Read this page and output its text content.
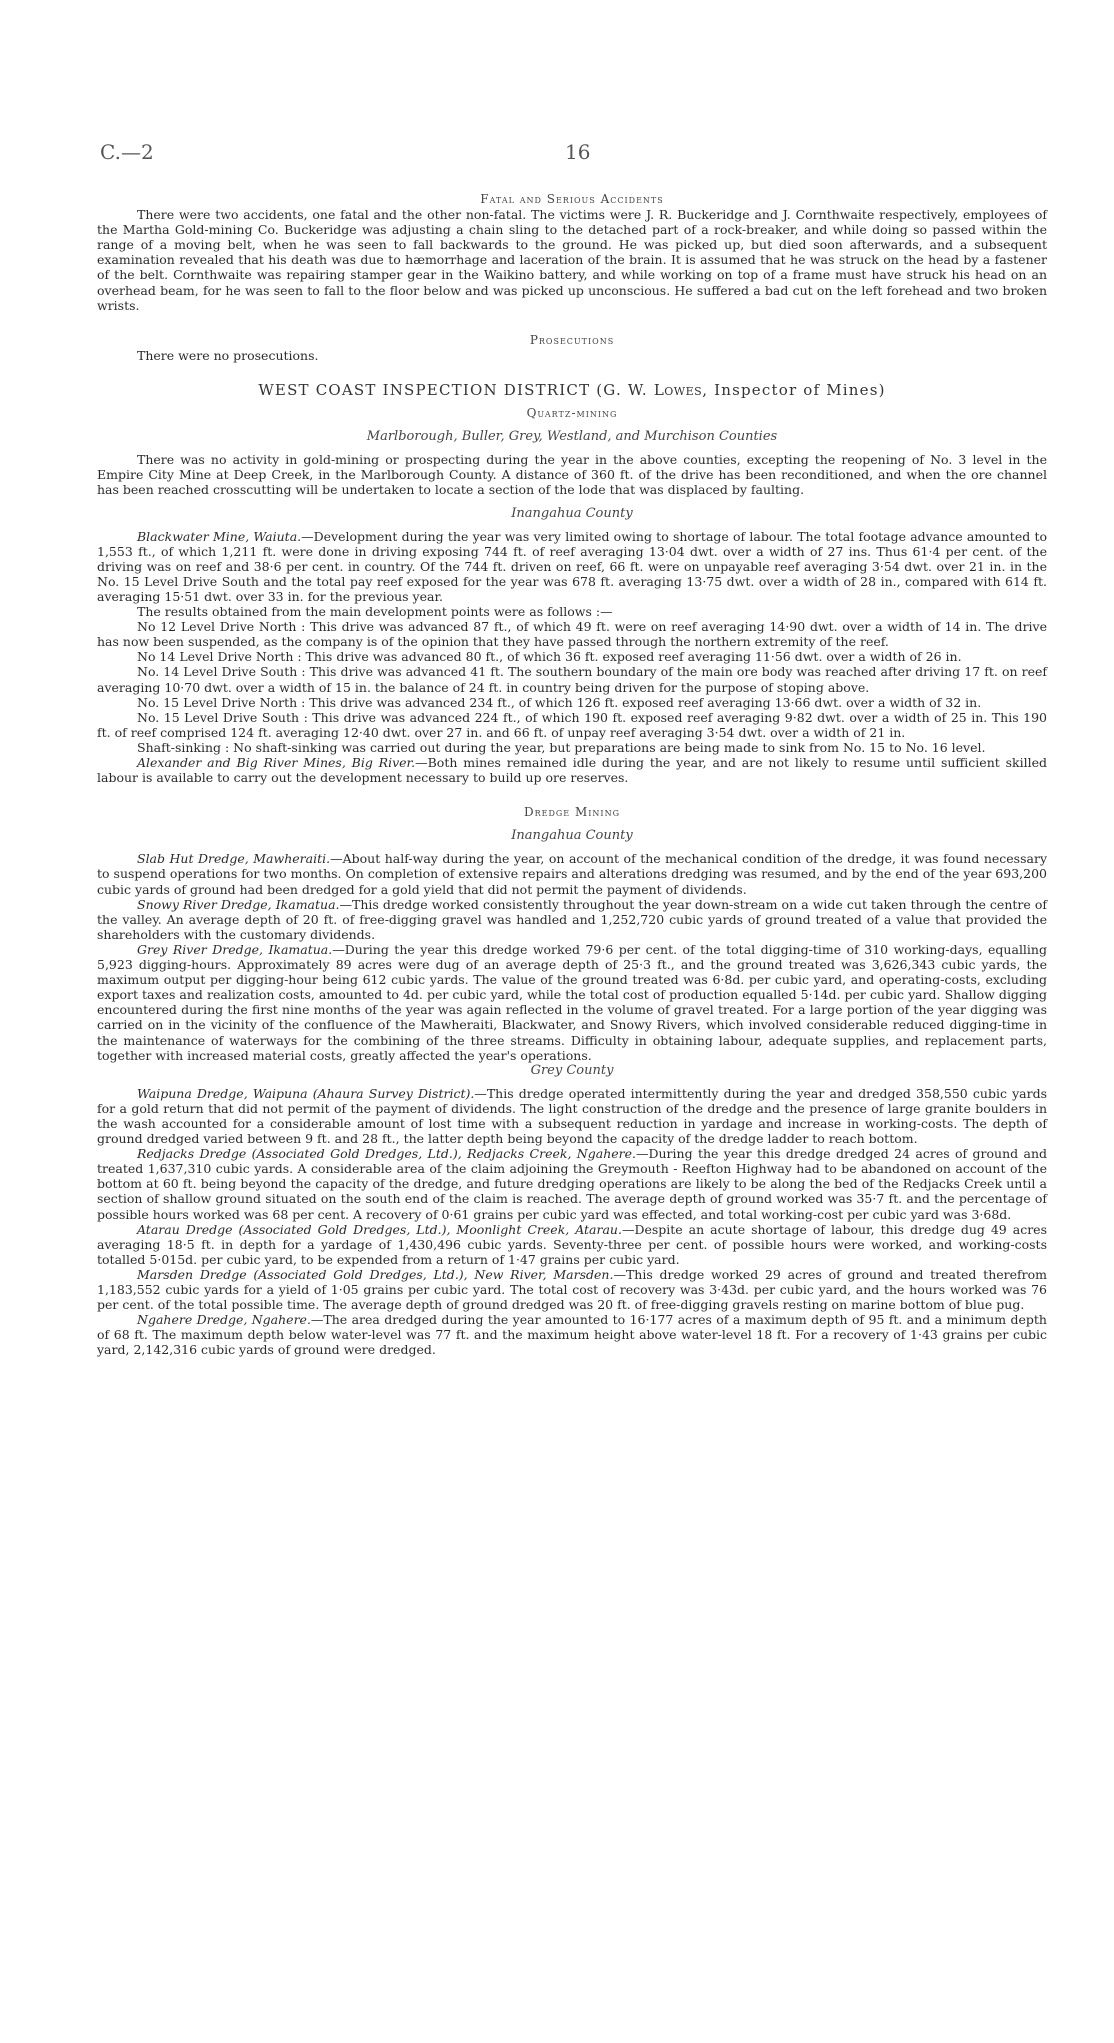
C.—2	16
Fatal and Serious Accidents

There were two accidents, one fatal and the other non-fatal. The victims were J. R. Buckeridge and J. Cornthwaite respectively, employees of the Martha Gold-mining Co. Buckeridge was adjusting a chain sling to the detached part of a rock-breaker, and while doing so passed within the range of a moving belt, when he was seen to fall backwards to the ground. He was picked up, but died soon afterwards, and a subsequent examination revealed that his death was due to hæmorrhage and laceration of the brain. It is assumed that he was struck on the head by a fastener of the belt. Cornthwaite was repairing stamper gear in the Waikino battery, and while working on top of a frame must have struck his head on an overhead beam, for he was seen to fall to the floor below and was picked up unconscious. He suffered a bad cut on the left forehead and two broken wrists.

Prosecutions

There were no prosecutions.

WEST COAST INSPECTION DISTRICT (G. W. Lowes, Inspector of Mines)
Quartz-mining
Marlborough, Buller, Grey, Westland, and Murchison Counties

There was no activity in gold-mining or prospecting during the year in the above counties, excepting the reopening of No. 3 level in the Empire City Mine at Deep Creek, in the Marlborough County. A distance of 360 ft. of the drive has been reconditioned, and when the ore channel has been reached crosscutting will be undertaken to locate a section of the lode that was displaced by faulting.

Inangahua County

Blackwater Mine, Waiuta.—Development during the year was very limited owing to shortage of labour. The total footage advance amounted to 1,553 ft., of which 1,211 ft. were done in driving exposing 744 ft. of reef averaging 13·04 dwt. over a width of 27 ins. Thus 61·4 per cent. of the driving was on reef and 38·6 per cent. in country. Of the 744 ft. driven on reef, 66 ft. were on unpayable reef averaging 3·54 dwt. over 21 in. in the No. 15 Level Drive South and the total pay reef exposed for the year was 678 ft. averaging 13·75 dwt. over a width of 28 in., compared with 614 ft. averaging 15·51 dwt. over 33 in. for the previous year.

The results obtained from the main development points were as follows :—

No 12 Level Drive North : This drive was advanced 87 ft., of which 49 ft. were on reef averaging 14·90 dwt. over a width of 14 in. The drive has now been suspended, as the company is of the opinion that they have passed through the northern extremity of the reef.

No 14 Level Drive North : This drive was advanced 80 ft., of which 36 ft. exposed reef averaging 11·56 dwt. over a width of 26 in.

No. 14 Level Drive South : This drive was advanced 41 ft. The southern boundary of the main ore body was reached after driving 17 ft. on reef averaging 10·70 dwt. over a width of 15 in. the balance of 24 ft. in country being driven for the purpose of stoping above.

No. 15 Level Drive North : This drive was advanced 234 ft., of which 126 ft. exposed reef averaging 13·66 dwt. over a width of 32 in.

No. 15 Level Drive South : This drive was advanced 224 ft., of which 190 ft. exposed reef averaging 9·82 dwt. over a width of 25 in. This 190 ft. of reef comprised 124 ft. averaging 12·40 dwt. over 27 in. and 66 ft. of unpay reef averaging 3·54 dwt. over a width of 21 in.

Shaft-sinking : No shaft-sinking was carried out during the year, but preparations are being made to sink from No. 15 to No. 16 level.

Alexander and Big River Mines, Big River.—Both mines remained idle during the year, and are not likely to resume until sufficient skilled labour is available to carry out the development necessary to build up ore reserves.

Dredge Mining
Inangahua County

Slab Hut Dredge, Mawheraiti.—About half-way during the year, on account of the mechanical condition of the dredge, it was found necessary to suspend operations for two months. On completion of extensive repairs and alterations dredging was resumed, and by the end of the year 693,200 cubic yards of ground had been dredged for a gold yield that did not permit the payment of dividends.

Snowy River Dredge, Ikamatua.—This dredge worked consistently throughout the year down-stream on a wide cut taken through the centre of the valley. An average depth of 20 ft. of free-digging gravel was handled and 1,252,720 cubic yards of ground treated of a value that provided the shareholders with the customary dividends.

Grey River Dredge, Ikamatua.—During the year this dredge worked 79·6 per cent. of the total digging-time of 310 working-days, equalling 5,923 digging-hours. Approximately 89 acres were dug of an average depth of 25·3 ft., and the ground treated was 3,626,343 cubic yards, the maximum output per digging-hour being 612 cubic yards. The value of the ground treated was 6·8d. per cubic yard, and operating-costs, excluding export taxes and realization costs, amounted to 4d. per cubic yard, while the total cost of production equalled 5·14d. per cubic yard. Shallow digging encountered during the first nine months of the year was again reflected in the volume of gravel treated. For a large portion of the year digging was carried on in the vicinity of the confluence of the Mawheraiti, Blackwater, and Snowy Rivers, which involved considerable reduced digging-time in the maintenance of waterways for the combining of the three streams. Difficulty in obtaining labour, adequate supplies, and replacement parts, together with increased material costs, greatly affected the year's operations.

Grey County

Waipuna Dredge, Waipuna (Ahaura Survey District).—This dredge operated intermittently during the year and dredged 358,550 cubic yards for a gold return that did not permit of the payment of dividends. The light construction of the dredge and the presence of large granite boulders in the wash accounted for a considerable amount of lost time with a subsequent reduction in yardage and increase in working-costs. The depth of ground dredged varied between 9 ft. and 28 ft., the latter depth being beyond the capacity of the dredge ladder to reach bottom.

Redjacks Dredge (Associated Gold Dredges, Ltd.), Redjacks Creek, Ngahere.—During the year this dredge dredged 24 acres of ground and treated 1,637,310 cubic yards. A considerable area of the claim adjoining the Greymouth - Reefton Highway had to be abandoned on account of the bottom at 60 ft. being beyond the capacity of the dredge, and future dredging operations are likely to be along the bed of the Redjacks Creek until a section of shallow ground situated on the south end of the claim is reached. The average depth of ground worked was 35·7 ft. and the percentage of possible hours worked was 68 per cent. A recovery of 0·61 grains per cubic yard was effected, and total working-cost per cubic yard was 3·68d.

Atarau Dredge (Associated Gold Dredges, Ltd.), Moonlight Creek, Atarau.—Despite an acute shortage of labour, this dredge dug 49 acres averaging 18·5 ft. in depth for a yardage of 1,430,496 cubic yards. Seventy-three per cent. of possible hours were worked, and working-costs totalled 5·015d. per cubic yard, to be expended from a return of 1·47 grains per cubic yard.

Marsden Dredge (Associated Gold Dredges, Ltd.), New River, Marsden.—This dredge worked 29 acres of ground and treated therefrom 1,183,552 cubic yards for a yield of 1·05 grains per cubic yard. The total cost of recovery was 3·43d. per cubic yard, and the hours worked was 76 per cent. of the total possible time. The average depth of ground dredged was 20 ft. of free-digging gravels resting on marine bottom of blue pug.

Ngahere Dredge, Ngahere.—The area dredged during the year amounted to 16·177 acres of a maximum depth of 95 ft. and a minimum depth of 68 ft. The maximum depth below water-level was 77 ft. and the maximum height above water-level 18 ft. For a recovery of 1·43 grains per cubic yard, 2,142,316 cubic yards of ground were dredged.
